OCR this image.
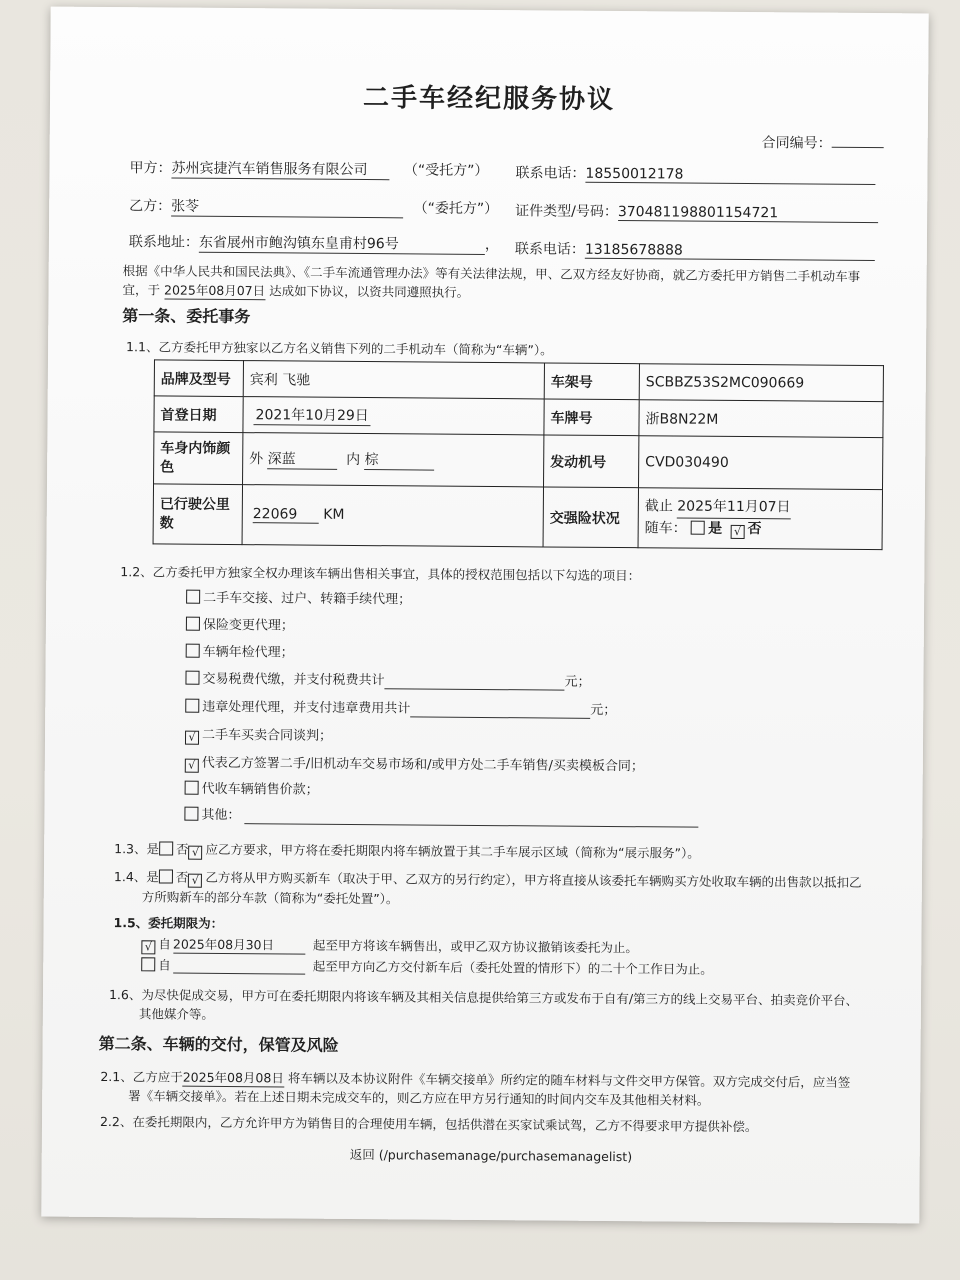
二手车经纪服务协议
合同编号：
甲方：苏州宾捷汽车销售服务有限公司	（“受托方”） 联系电话：18550012178
乙方：张苓	（“委托方”） 证件类型/号码：370481198801154721
联系地址：东省展州市鲍沟镇东皇甫村96号	， 联系电话：13185678888
根据《中华人民共和国民法典》、《二手车流通管理办法》等有关法律法规，甲、乙双方经友好协商，就乙方委托甲方销售二手机动车事
宜，于 2025年08月07日 达成如下协议，以资共同遵照执行。
第一条、委托事务
1.1、乙方委托甲方独家以乙方名义销售下列的二手机动车（简称为“车辆”）。
品牌及型号	宾利 飞驰	车架号	SCBBZ53S2MC090669
首登日期	2021年10月29日	车牌号	浙B8N22M
车身内饰颜色	外 深蓝 内 棕	发动机号	CVD030490
已行驶公里数	22069 KM	交强险状况	截止 2025年11月07日
随车： 是 √ 否
1.2、乙方委托甲方独家全权办理该车辆出售相关事宜，具体的授权范围包括以下勾选的项目：
二手车交接、过户、转籍手续代理；
保险变更代理；
车辆年检代理；
交易税费代缴，并支付税费共计	元；
违章处理代理，并支付违章费用共计	元；
√ 二手车买卖合同谈判；
√ 代表乙方签署二手/旧机动车交易市场和/或甲方处二手车销售/买卖模板合同；
代收车辆销售价款；
其他：
1.3、是 否 √ 应乙方要求，甲方将在委托期限内将车辆放置于其二手车展示区域（简称为“展示服务”）。
1.4、是 否 √ 乙方将从甲方购买新车（取决于甲、乙双方的另行约定），甲方将直接从该委托车辆购买方处收取车辆的出售款以抵扣乙
方所购新车的部分车款（简称为“委托处置”）。
1.5、委托期限为：
√ 自 2025年08月30日	起至甲方将该车辆售出，或甲乙双方协议撤销该委托为止。
自	起至甲方向乙方交付新车后（委托处置的情形下）的二十个工作日为止。
1.6、为尽快促成交易，甲方可在委托期限内将该车辆及其相关信息提供给第三方或发布于自有/第三方的线上交易平台、拍卖竞价平台、
其他媒介等。
第二条、车辆的交付，保管及风险
2.1、乙方应于2025年08月08日 将车辆以及本协议附件《车辆交接单》所约定的随车材料与文件交甲方保管。双方完成交付后，应当签
署《车辆交接单》。若在上述日期未完成交车的，则乙方应在甲方另行通知的时间内交车及其他相关材料。
2.2、在委托期限内，乙方允许甲方为销售目的合理使用车辆，包括供潜在买家试乘试驾，乙方不得要求甲方提供补偿。
返回 (/purchasemanage/purchasemanagelist)
